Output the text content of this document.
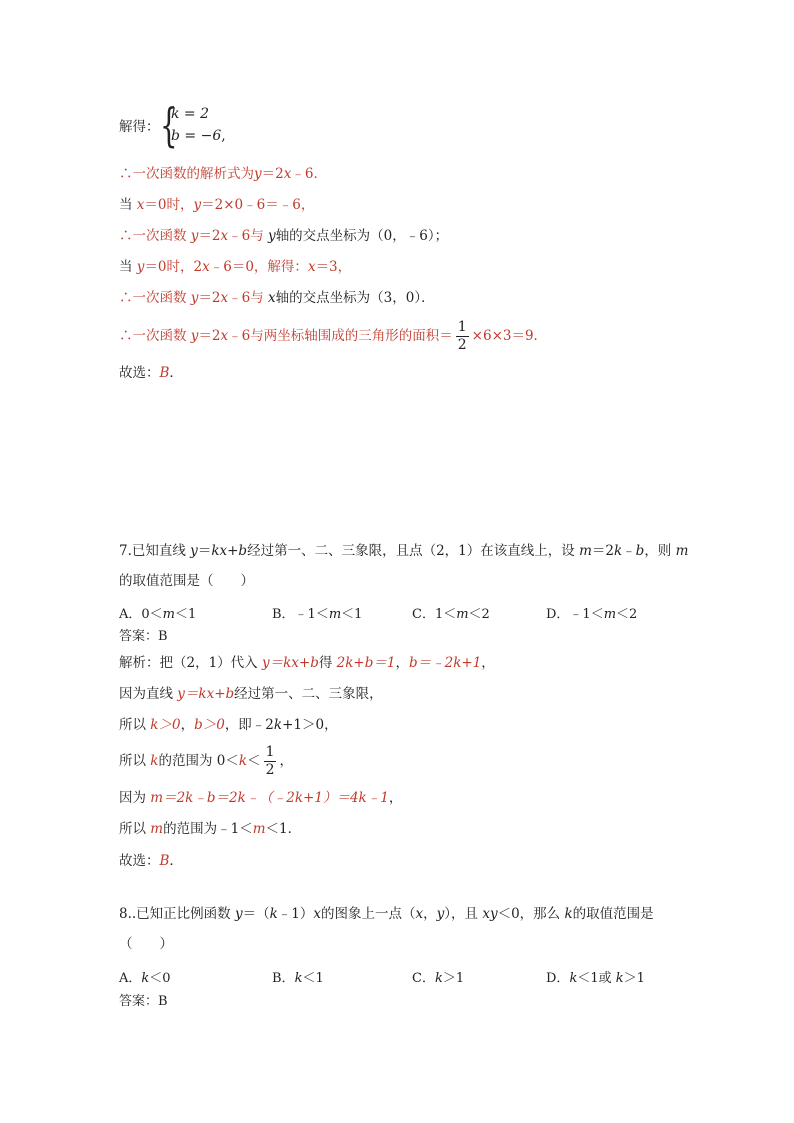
解得： {
k = 2
b = −6,
∴一次函数的解析式为y＝2x﹣6．
当 x＝0时，y＝2×0﹣6＝﹣6，
∴一次函数 y＝2x﹣6与 y轴的交点坐标为（0，﹣6）；
当 y＝0时，2x﹣6＝0，解得：x＝3，
∴一次函数 y＝2x﹣6与 x轴的交点坐标为（3，0）．
∴一次函数 y＝2x﹣6与两坐标轴围成的三角形的面积＝ $\frac{1}{2} \times 6\times 3=9$．
故选：B．
7.已知直线 y＝kx+b经过第一、二、三象限，且点（2，1）在该直线上，设 m＝2k﹣b，则 m
的取值范围是（　　）
A．0＜m＜1	B．﹣1＜m＜1	C．1＜m＜2	D．﹣1＜m＜2
答案：B
解析：把（2，1）代入 y＝kx+b得 2k+b＝1，b＝﹣2k+1，
因为直线 y＝kx+b经过第一、二、三象限，
所以 k＞0，b＞0，即﹣2k+1＞0，
所以 k的范围为 $0<k< \frac{1}{2}$ ，
因为 m＝2k﹣b＝2k﹣（﹣2k+1）＝4k﹣1，
所以 m的范围为﹣1＜m＜1．
故选：B．
8..已知正比例函数 y＝（k﹣1）x的图象上一点（x，y），且 xy＜0，那么 k的取值范围是
（　　）
A．k＜0	B．k＜1	C．k＞1	D．k＜1或 k＞1
答案：B
